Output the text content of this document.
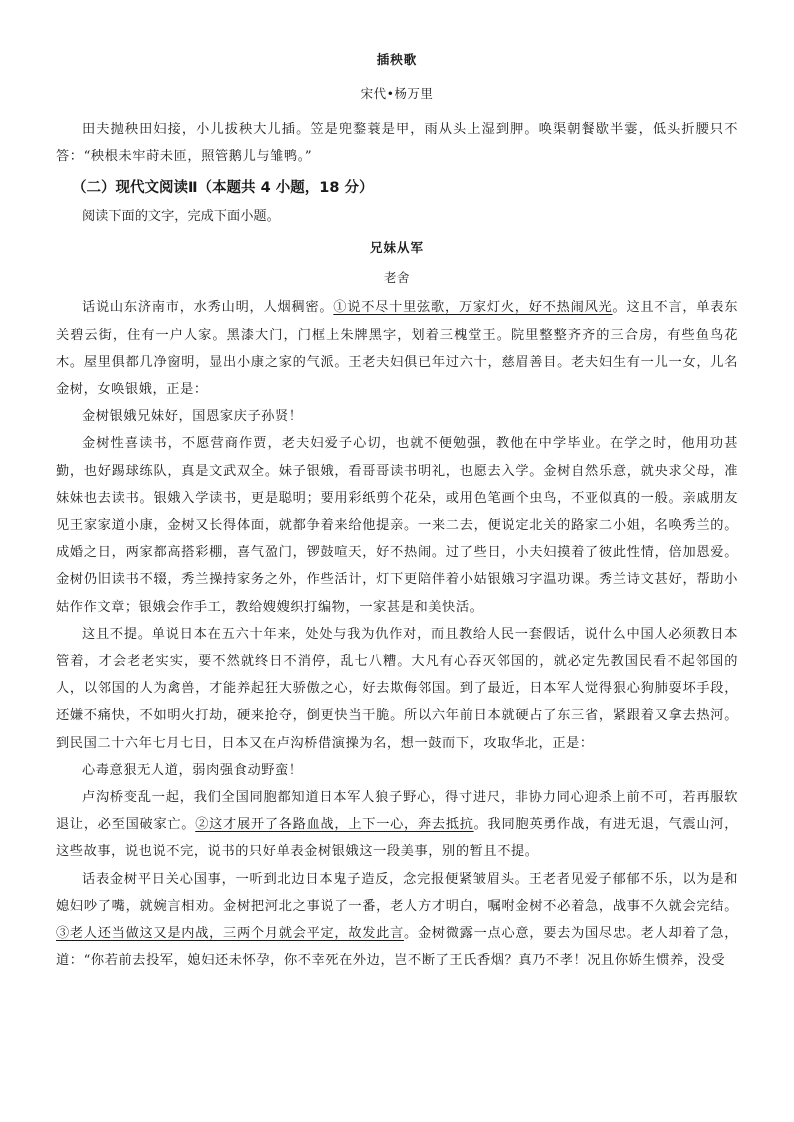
插秧歌
宋代•杨万里

田夫抛秧田妇接，小儿拔秧大儿插。笠是兜鍪蓑是甲，雨从头上湿到胛。唤渠朝餐歇半霎，低头折腰只不答：“秧根未牢莳未匝，照管鹅儿与雏鸭。”

（二）现代文阅读Ⅱ（本题共 4 小题，18 分）

阅读下面的文字，完成下面小题。

兄妹从军
老舍

话说山东济南市，水秀山明，人烟稠密。①说不尽十里弦歌，万家灯火，好不热闹风光。这且不言，单表东关碧云街，住有一户人家。黑漆大门，门框上朱牌黑字，划着三槐堂王。院里整整齐齐的三合房，有些鱼鸟花木。屋里俱都几净窗明，显出小康之家的气派。王老夫妇俱已年过六十，慈眉善目。老夫妇生有一儿一女，儿名金树，女唤银娥，正是：

金树银娥兄妹好，国恩家庆子孙贤！

金树性喜读书，不愿营商作贾，老夫妇爱子心切，也就不便勉强，教他在中学毕业。在学之时，他用功甚勤，也好踢球练队，真是文武双全。妹子银娥，看哥哥读书明礼，也愿去入学。金树自然乐意，就央求父母，准妹妹也去读书。银娥入学读书，更是聪明；要用彩纸剪个花朵，或用色笔画个虫鸟，不亚似真的一般。亲戚朋友见王家家道小康，金树又长得体面，就都争着来给他提亲。一来二去，便说定北关的路家二小姐，名唤秀兰的。成婚之日，两家都高搭彩棚，喜气盈门，锣鼓喧天，好不热闹。过了些日，小夫妇摸着了彼此性情，倍加恩爱。金树仍旧读书不辍，秀兰操持家务之外，作些活计，灯下更陪伴着小姑银娥习字温功课。秀兰诗文甚好，帮助小姑作作文章；银娥会作手工，教给嫂嫂织打编物，一家甚是和美快活。

这且不提。单说日本在五六十年来，处处与我为仇作对，而且教给人民一套假话，说什么中国人必须教日本管着，才会老老实实，要不然就终日不消停，乱七八糟。大凡有心吞灭邻国的，就必定先教国民看不起邻国的人，以邻国的人为禽兽，才能养起狂大骄傲之心，好去欺侮邻国。到了最近，日本军人觉得狠心狗肺耍坏手段，还嫌不痛快，不如明火打劫，硬来抢夺，倒更快当干脆。所以六年前日本就硬占了东三省，紧跟着又拿去热河。到民国二十六年七月七日，日本又在卢沟桥借演操为名，想一鼓而下，攻取华北，正是：

心毒意狠无人道，弱肉强食动野蛮！

卢沟桥变乱一起，我们全国同胞都知道日本军人狼子野心，得寸进尺，非协力同心迎杀上前不可，若再服软退让，必至国破家亡。②这才展开了各路血战，上下一心，奔去抵抗。我同胞英勇作战，有进无退，气震山河，这些故事，说也说不完，说书的只好单表金树银娥这一段美事，别的暂且不提。

话表金树平日关心国事，一听到北边日本鬼子造反，念完报便紧皱眉头。王老者见爱子郁郁不乐，以为是和媳妇吵了嘴，就婉言相劝。金树把河北之事说了一番，老人方才明白，嘱咐金树不必着急，战事不久就会完结。③老人还当做这又是内战，三两个月就会平定，故发此言。金树微露一点心意，要去为国尽忠。老人却着了急，道：“你若前去投军，媳妇还未怀孕，你不幸死在外边，岂不断了王氏香烟？真乃不孝！况且你娇生惯养，没受
